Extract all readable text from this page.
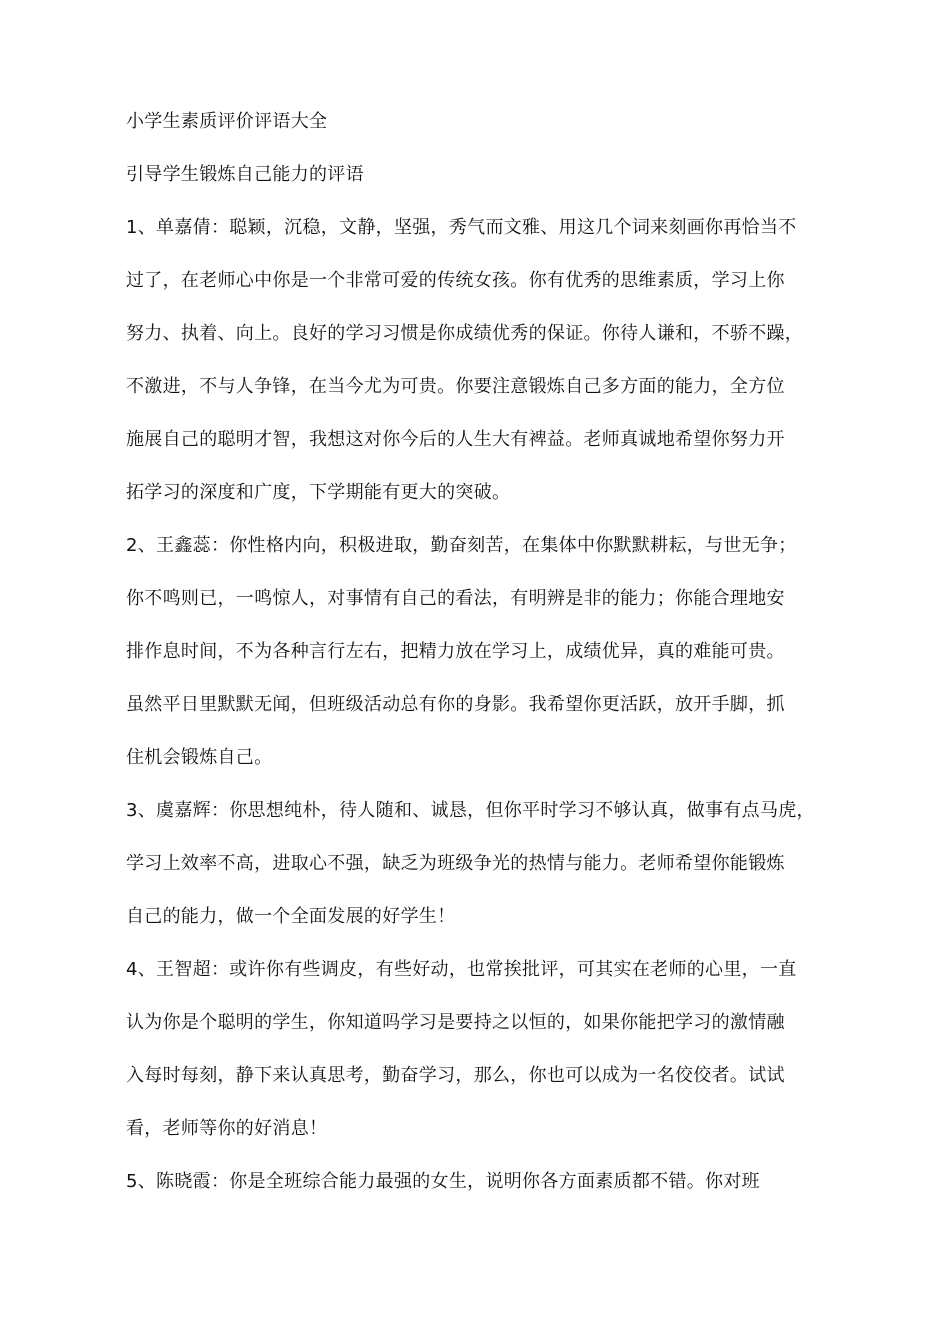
小学生素质评价评语大全
引导学生锻炼自己能力的评语
1、单嘉倩：聪颖，沉稳，文静，坚强，秀气而文雅、用这几个词来刻画你再恰当不
过了，在老师心中你是一个非常可爱的传统女孩。你有优秀的思维素质，学习上你
努力、执着、向上。良好的学习习惯是你成绩优秀的保证。你待人谦和，不骄不躁，
不激进，不与人争锋，在当今尤为可贵。你要注意锻炼自己多方面的能力，全方位
施展自己的聪明才智，我想这对你今后的人生大有裨益。老师真诚地希望你努力开
拓学习的深度和广度，下学期能有更大的突破。
2、王鑫蕊：你性格内向，积极进取，勤奋刻苦，在集体中你默默耕耘，与世无争；
你不鸣则已，一鸣惊人，对事情有自己的看法，有明辨是非的能力；你能合理地安
排作息时间，不为各种言行左右，把精力放在学习上，成绩优异，真的难能可贵。
虽然平日里默默无闻，但班级活动总有你的身影。我希望你更活跃，放开手脚，抓
住机会锻炼自己。
3、虞嘉辉：你思想纯朴，待人随和、诚恳，但你平时学习不够认真，做事有点马虎，
学习上效率不高，进取心不强，缺乏为班级争光的热情与能力。老师希望你能锻炼
自己的能力，做一个全面发展的好学生！
4、王智超：或许你有些调皮，有些好动，也常挨批评，可其实在老师的心里，一直
认为你是个聪明的学生，你知道吗学习是要持之以恒的，如果你能把学习的激情融
入每时每刻，静下来认真思考，勤奋学习，那么，你也可以成为一名佼佼者。试试
看，老师等你的好消息！
5、陈晓霞：你是全班综合能力最强的女生，说明你各方面素质都不错。你对班
